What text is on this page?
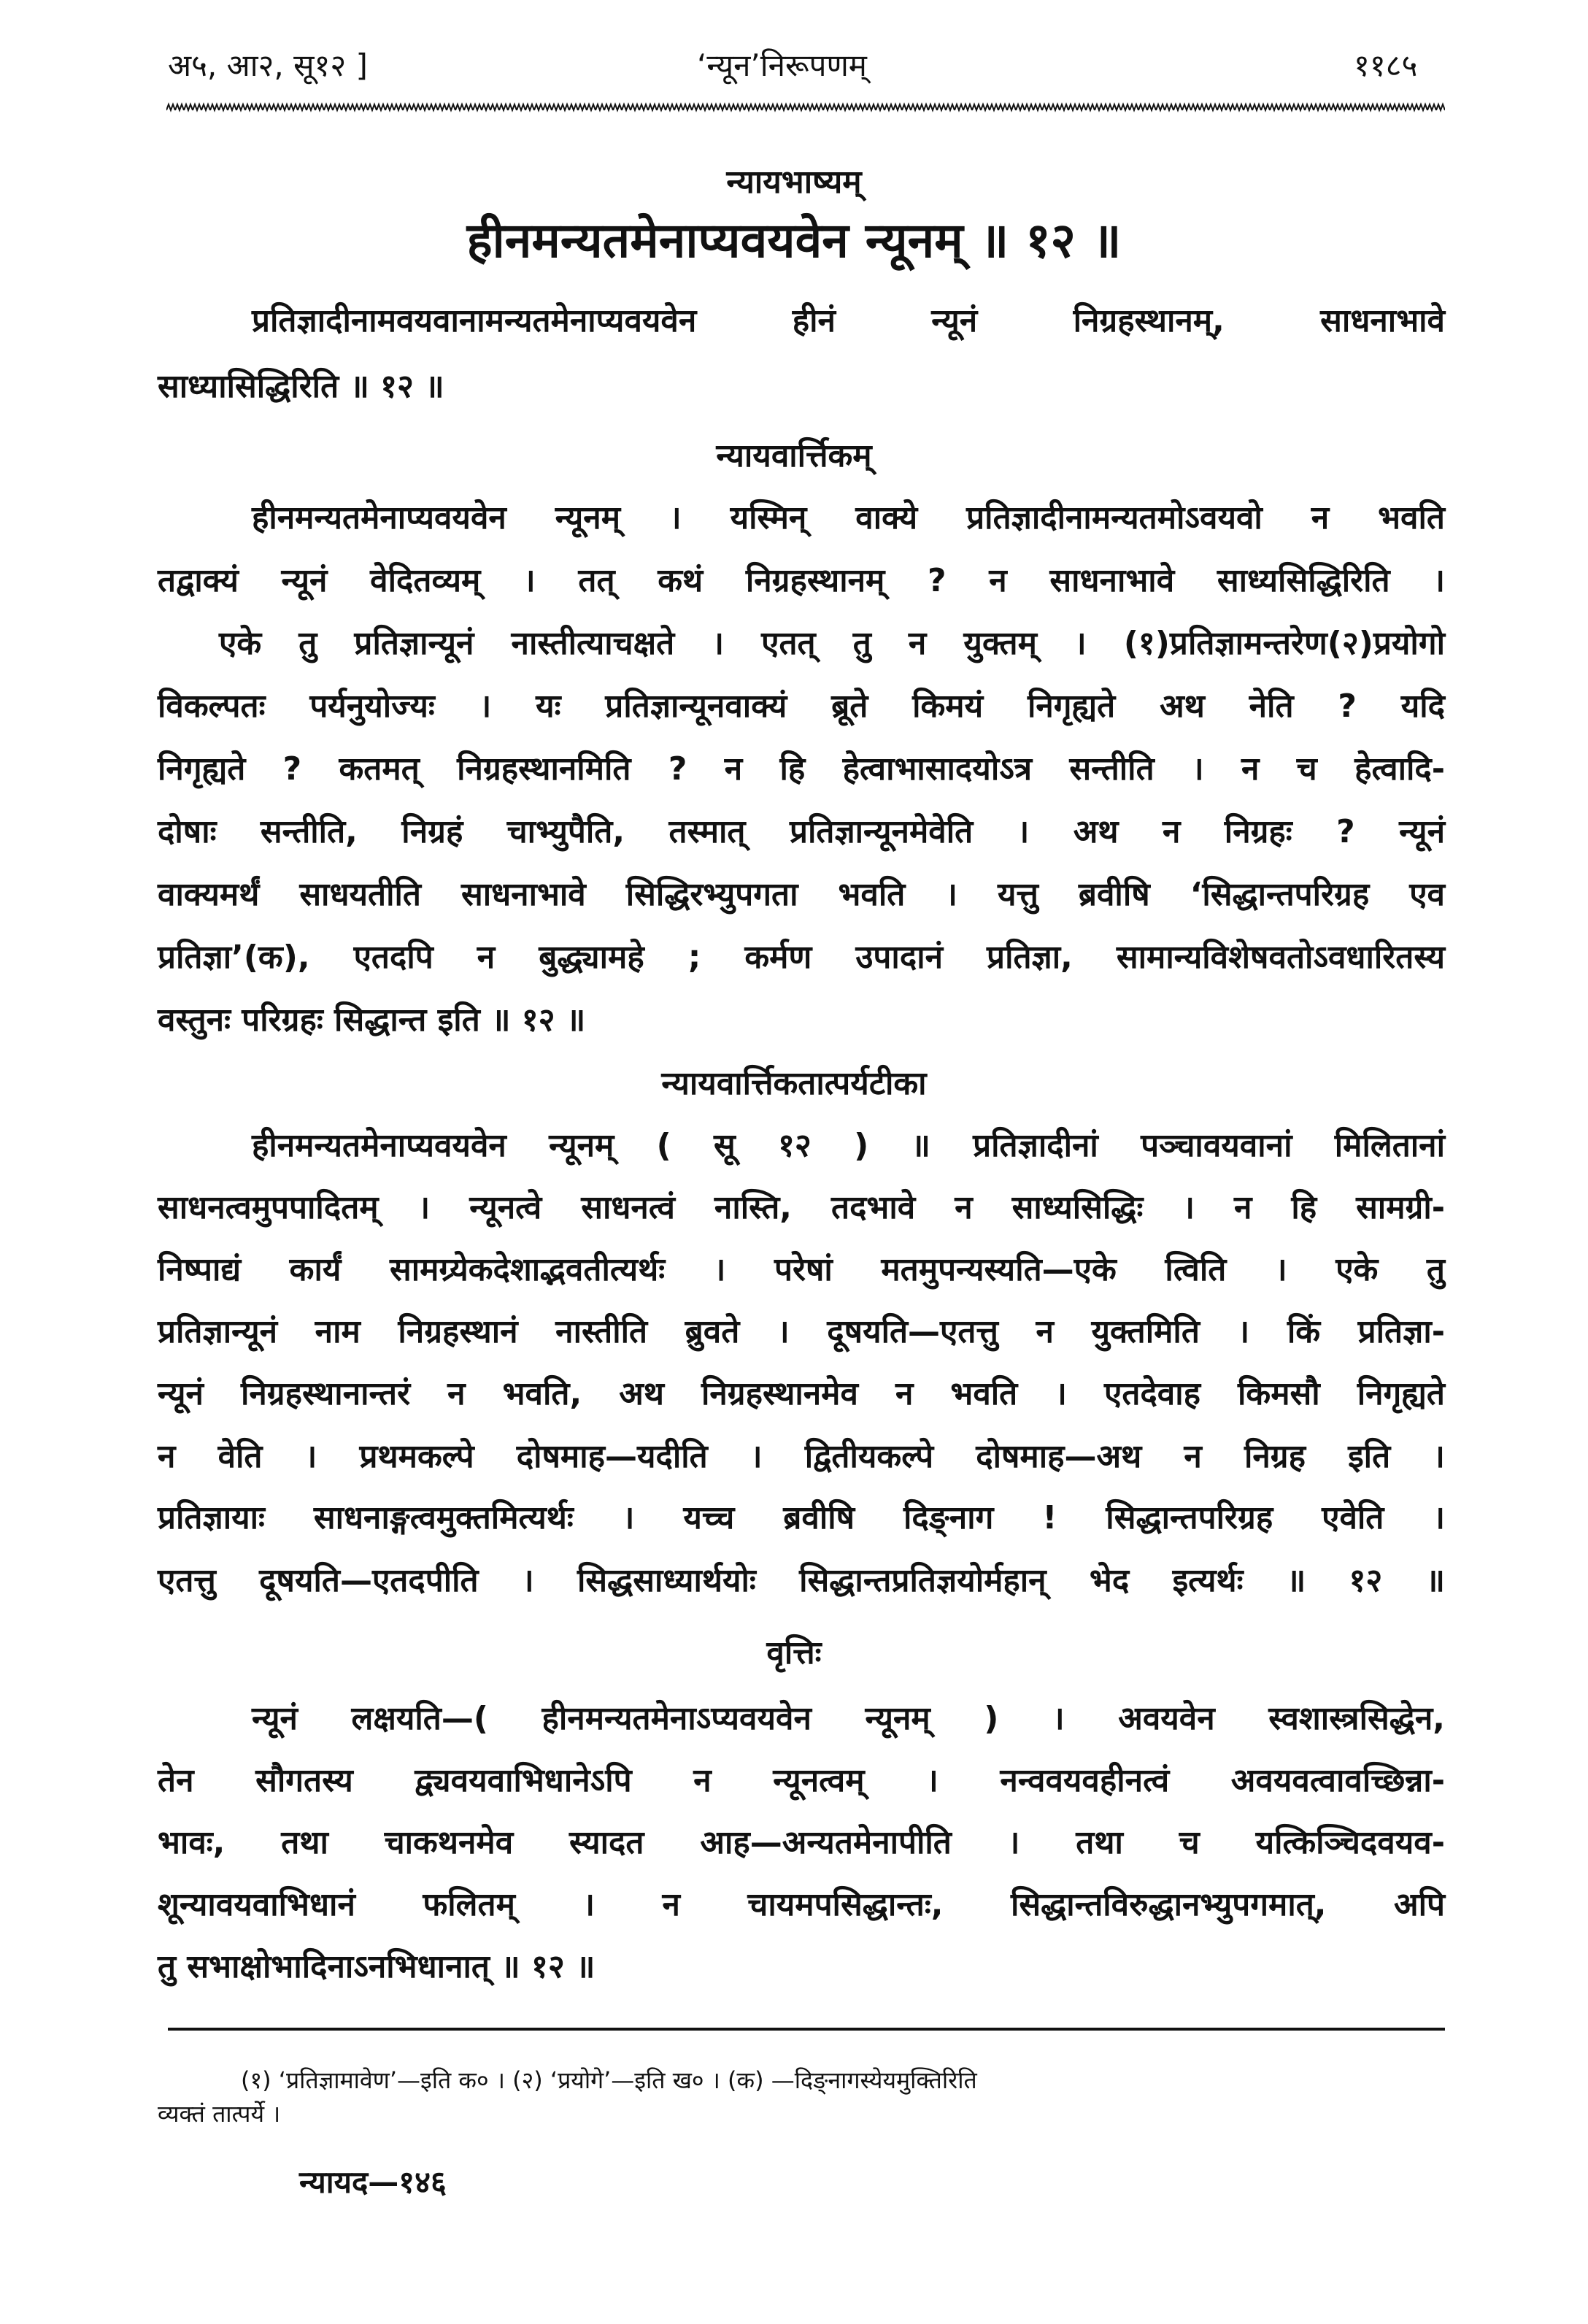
अ५, आ२, सू१२ ]	‘न्यून’निरूपणम्	११८५
न्यायभाष्यम्
हीनमन्यतमेनाप्यवयवेन न्यूनम् ॥ १२ ॥
प्रतिज्ञादीनामवयवानामन्यतमेनाप्यवयवेन हीनं न्यूनं निग्रहस्थानम्, साधनाभावे
साध्यासिद्धिरिति ॥ १२ ॥
न्यायवार्त्तिकम्
हीनमन्यतमेनाप्यवयवेन न्यूनम् । यस्मिन् वाक्ये प्रतिज्ञादीनामन्यतमोऽवयवो न भवति
तद्वाक्यं न्यूनं वेदितव्यम् । तत् कथं निग्रहस्थानम् ? न साधनाभावे साध्यसिद्धिरिति ।
एके तु प्रतिज्ञान्यूनं नास्तीत्याचक्षते । एतत् तु न युक्तम् । (१)प्रतिज्ञामन्तरेण(२)प्रयोगो
विकल्पतः पर्यनुयोज्यः । यः प्रतिज्ञान्यूनवाक्यं ब्रूते किमयं निगृह्यते अथ नेति ? यदि
निगृह्यते ? कतमत् निग्रहस्थानमिति ? न हि हेत्वाभासादयोऽत्र सन्तीति । न च हेत्वादि-
दोषाः सन्तीति, निग्रहं चाभ्युपैति, तस्मात् प्रतिज्ञान्यूनमेवेति । अथ न निग्रहः ? न्यूनं
वाक्यमर्थं साधयतीति साधनाभावे सिद्धिरभ्युपगता भवति । यत्तु ब्रवीषि ‘सिद्धान्तपरिग्रह एव
प्रतिज्ञा’(क), एतदपि न बुद्ध्यामहे ; कर्मण उपादानं प्रतिज्ञा, सामान्यविशेषवतोऽवधारितस्य
वस्तुनः परिग्रहः सिद्धान्त इति ॥ १२ ॥
न्यायवार्त्तिकतात्पर्यटीका
हीनमन्यतमेनाप्यवयवेन न्यूनम् ( सू १२ ) ॥ प्रतिज्ञादीनां पञ्चावयवानां मिलितानां
साधनत्वमुपपादितम् । न्यूनत्वे साधनत्वं नास्ति, तदभावे न साध्यसिद्धिः । न हि सामग्री-
निष्पाद्यं कार्यं सामग्र्येकदेशाद्भवतीत्यर्थः । परेषां मतमुपन्यस्यति—एके त्विति । एके तु
प्रतिज्ञान्यूनं नाम निग्रहस्थानं नास्तीति ब्रुवते । दूषयति—एतत्तु न युक्तमिति । किं प्रतिज्ञा-
न्यूनं निग्रहस्थानान्तरं न भवति, अथ निग्रहस्थानमेव न भवति । एतदेवाह किमसौ निगृह्यते
न वेति । प्रथमकल्पे दोषमाह—यदीति । द्वितीयकल्पे दोषमाह—अथ न निग्रह इति ।
प्रतिज्ञायाः साधनाङ्गत्वमुक्तमित्यर्थः । यच्च ब्रवीषि दिङ्नाग ! सिद्धान्तपरिग्रह एवेति ।
एतत्तु दूषयति—एतदपीति । सिद्धसाध्यार्थयोः सिद्धान्तप्रतिज्ञयोर्महान् भेद इत्यर्थः ॥ १२ ॥
वृत्तिः
न्यूनं लक्षयति—( हीनमन्यतमेनाऽप्यवयवेन न्यूनम् ) । अवयवेन स्वशास्त्रसिद्धेन,
तेन सौगतस्य द्व्यवयवाभिधानेऽपि न न्यूनत्वम् । नन्ववयवहीनत्वं अवयवत्वावच्छिन्ना-
भावः, तथा चाकथनमेव स्यादत आह—अन्यतमेनापीति । तथा च यत्किञ्चिदवयव-
शून्यावयवाभिधानं फलितम् । न चायमपसिद्धान्तः, सिद्धान्तविरुद्धानभ्युपगमात्, अपि
तु सभाक्षोभादिनाऽनभिधानात् ॥ १२ ॥
(१) ‘प्रतिज्ञामावेण’—इति क० । (२) ‘प्रयोगे’—इति ख० । (क) —दिङ्नागस्येयमुक्तिरिति
व्यक्तं तात्पर्ये ।
न्यायद—१४६
